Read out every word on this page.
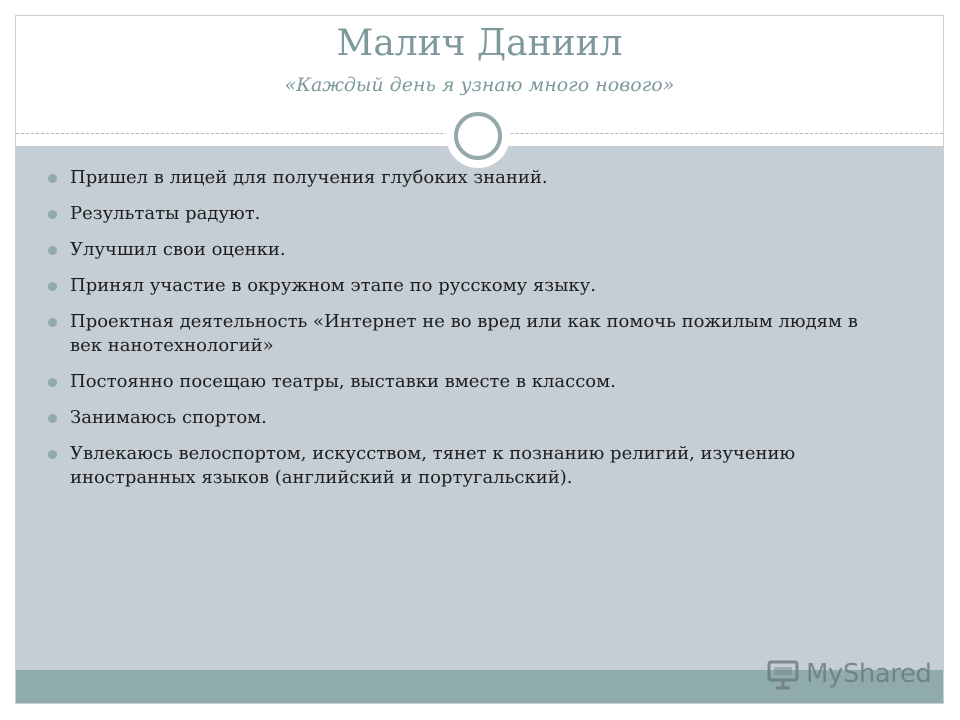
Малич Даниил
«Каждый день я узнаю много нового»
Пришел в лицей для получения глубоких знаний.
Результаты радуют.
Улучшил свои оценки.
Принял участие в окружном этапе по русскому языку.
Проектная деятельность «Интернет не во вред или как помочь пожилым людям в век нанотехнологий»
Постоянно посещаю театры, выставки вместе в классом.
Занимаюсь спортом.
Увлекаюсь велоспортом, искусством, тянет к познанию религий, изучению иностранных языков (английский и португальский).
MyShared
